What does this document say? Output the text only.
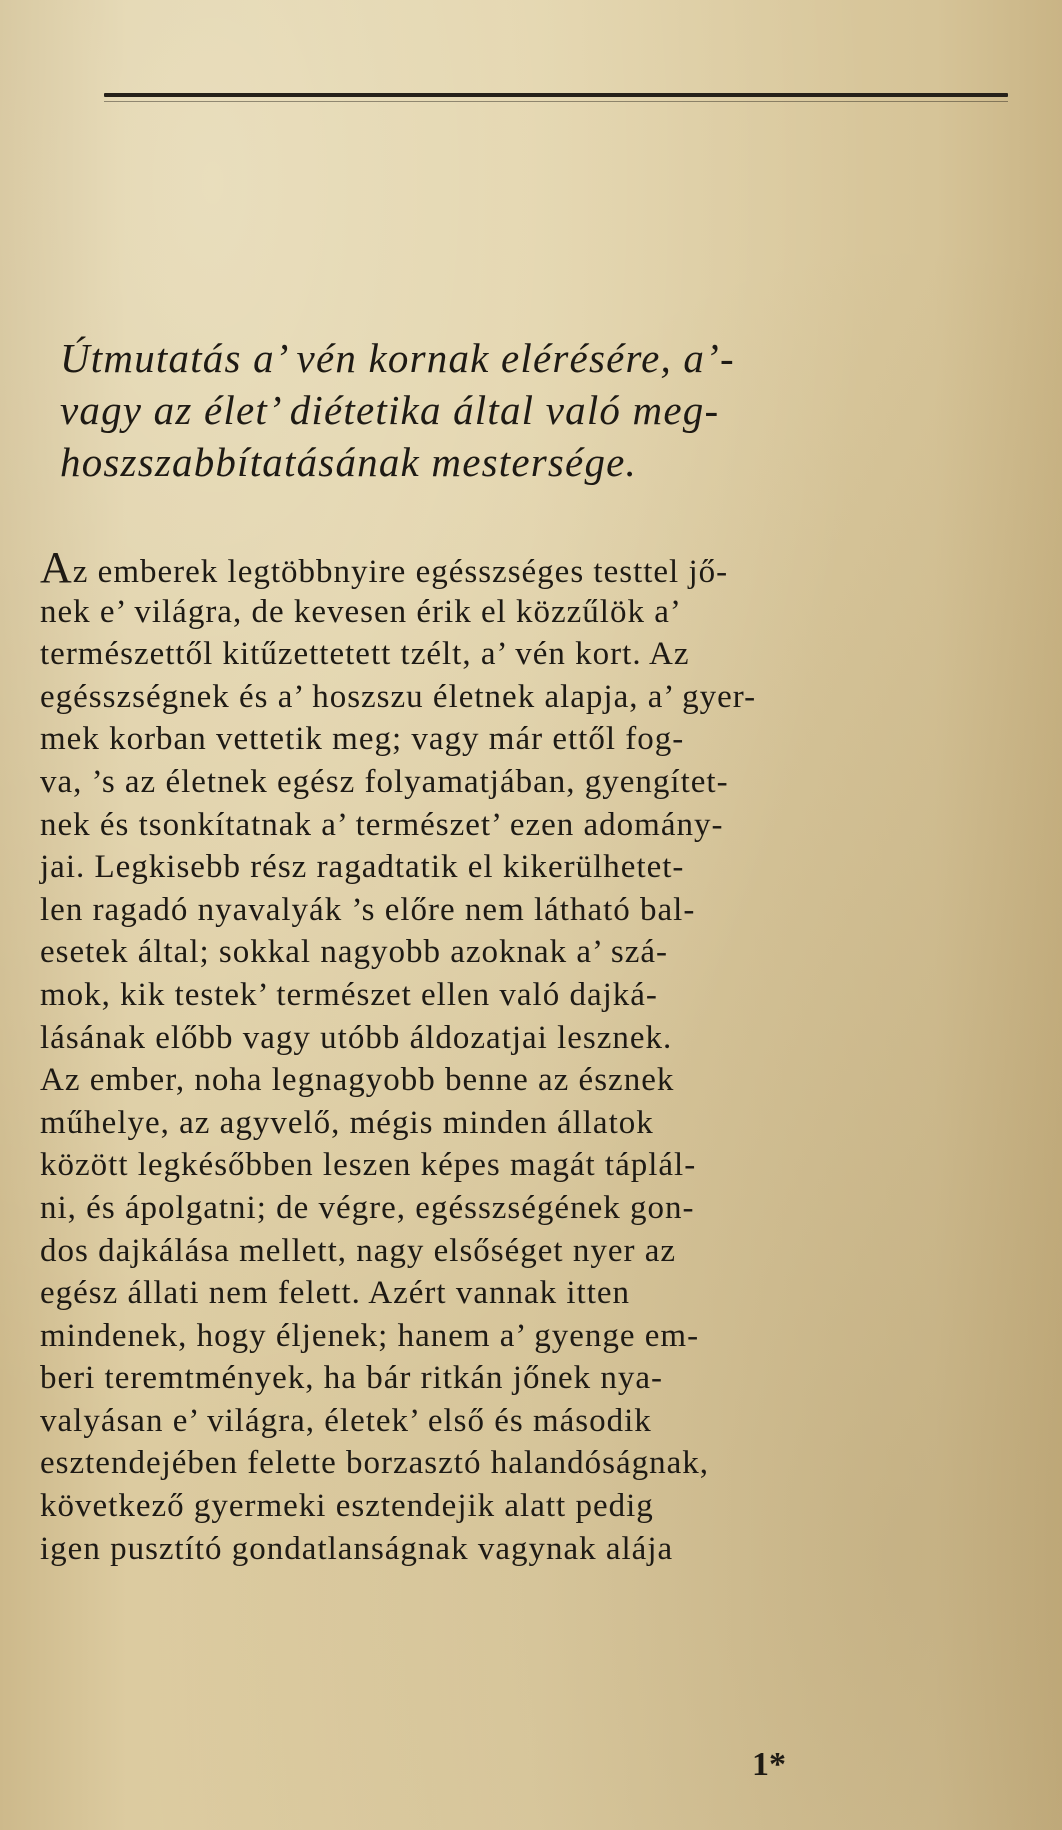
Útmutatás a’ vén kornak elérésére, a’-
vagy az élet’ diétetika által való meg-
hoszszabbítatásának mestersége.
Az emberek legtöbbnyire egésszséges testtel jő-
nek e’ világra, de kevesen érik el közzűlök a’
természettől kitűzettetett tzélt, a’ vén kort. Az
egésszségnek és a’ hoszszu életnek alapja, a’ gyer-
mek korban vettetik meg; vagy már ettől fog-
va, ’s az életnek egész folyamatjában, gyengítet-
nek és tsonkítatnak a’ természet’ ezen adomány-
jai. Legkisebb rész ragadtatik el kikerülhetet-
len ragadó nyavalyák ’s előre nem látható bal-
esetek által; sokkal nagyobb azoknak a’ szá-
mok, kik testek’ természet ellen való dajká-
lásának előbb vagy utóbb áldozatjai lesznek.
Az ember, noha legnagyobb benne az észnek
műhelye, az agyvelő, mégis minden állatok
között legkésőbben leszen képes magát táplál-
ni, és ápolgatni; de végre, egésszségének gon-
dos dajkálása mellett, nagy elsőséget nyer az
egész állati nem felett. Azért vannak itten
mindenek, hogy éljenek; hanem a’ gyenge em-
beri teremtmények, ha bár ritkán jőnek nya-
valyásan e’ világra, életek’ első és második
esztendejében felette borzasztó halandóságnak,
következő gyermeki esztendejik alatt pedig
igen pusztító gondatlanságnak vagynak alája
1*
